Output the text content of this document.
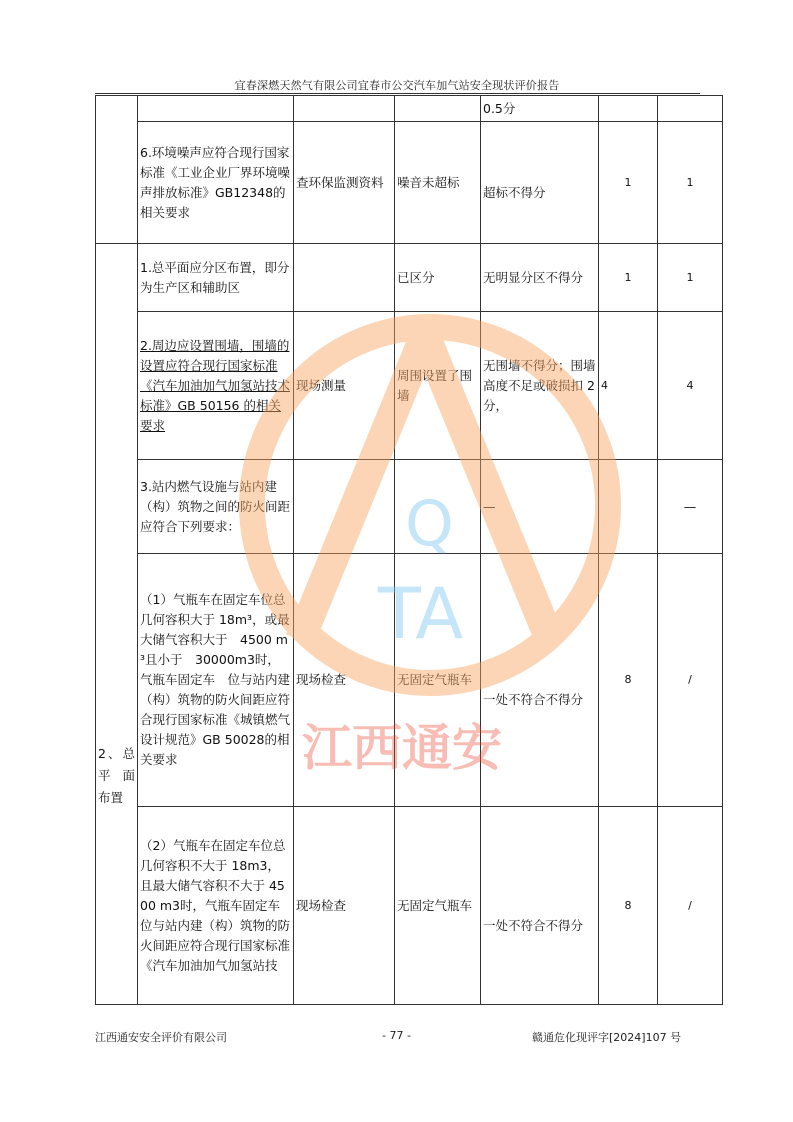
宜春深燃天然气有限公司宜春市公交汽车加气站安全现状评价报告
				0.5分		
	6.环境噪声应符合现行国家标准《工业企业厂界环境噪声排放标准》GB12348的相关要求	查环保监测资料	噪音未超标	超标不得分	1	1
2、总平面布置	1.总平面应分区布置，即分为生产区和辅助区		已区分	无明显分区不得分	1	1
	2.周边应设置围墙，围墙的设置应符合现行国家标准《汽车加油加气加氢站技术标准》GB 50156 的相关要求	现场测量	周围设置了围墙	无围墙不得分；围墙高度不足或破损扣 2 分，	4	4
	3.站内燃气设施与站内建（构）筑物之间的防火间距应符合下列要求：			—		—
	（1）气瓶车在固定车位总几何容积大于 18m³，或最大储气容积大于　4500 m³且小于　30000m3时，气瓶车固定车　位与站内建（构）筑物的防火间距应符合现行国家标准《城镇燃气设计规范》GB 50028的相关要求	现场检查	无固定气瓶车	一处不符合不得分	8	/
	（2）气瓶车在固定车位总几何容积不大于 18m3，且最大储气容积不大于 4500 m3时，气瓶车固定车位与站内建（构）筑物的防火间距应符合现行国家标准《汽车加油加气加氢站技	现场检查	无固定气瓶车	一处不符合不得分	8	/
Q
TA
江西通安
江西通安安全评价有限公司	- 77 -	赣通危化现评字[2024]107 号
